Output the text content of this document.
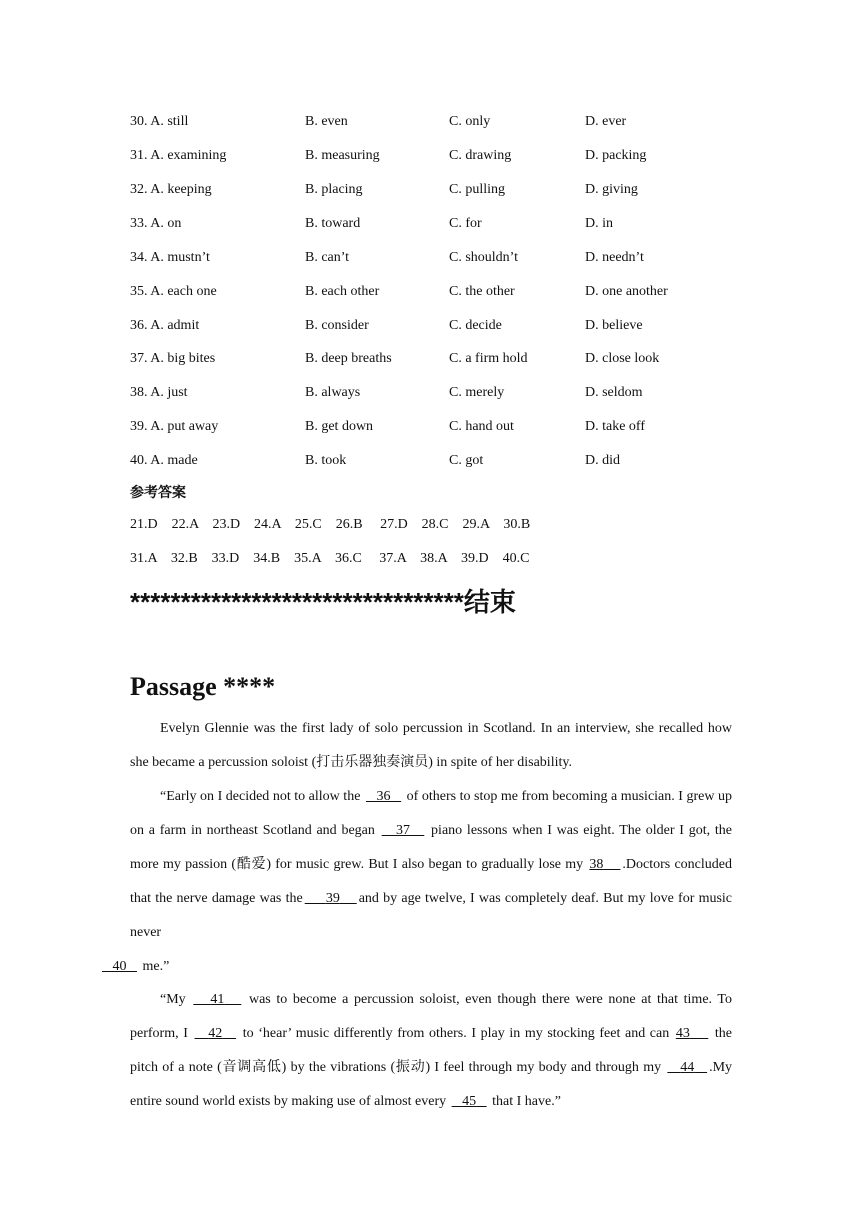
30. A. still	B. even	C. only	D. ever
31. A. examining	B. measuring	C. drawing	D. packing
32. A. keeping	B. placing	C. pulling	D. giving
33. A. on	B. toward	C. for	D. in
34. A. mustn’t	B. can’t	C. shouldn’t	D. needn’t
35. A. each one	B. each other	C. the other	D. one another
36. A. admit	B. consider	C. decide	D. believe
37. A. big bites	B. deep breaths	C. a firm hold	D. close look
38. A. just	B. always	C. merely	D. seldom
39. A. put away	B. get down	C. hand out	D. take off
40. A. made	B. took	C. got	D. did
参考答案
21.D    22.A    23.D    24.A    25.C    26.B     27.D    28.C    29.A    30.B
31.A    32.B    33.D    34.B    35.A    36.C     37.A    38.A    39.D    40.C
*********************************结束
Passage ****
Evelyn Glennie was the first lady of solo percussion in Scotland. In an interview, she recalled how she became a percussion soloist (打击乐器独奏演员) in spite of her disability.
“Early on I decided not to allow the    36    of others to stop me from becoming a musician. I grew up on a farm in northeast Scotland and began    37    piano lessons when I was eight. The older I got, the more my passion (酷爱) for music grew. But I also began to gradually lose my 38 .Doctors concluded that the nerve damage was the 39 and by age twelve, I was completely deaf. But my love for music never
40    me.”
“My    41    was to become a percussion soloist, even though there were none at that time. To perform, I    42    to ‘hear’ music differently from others. I play in my stocking feet and can 43     the pitch of a note (音调高低) by the vibrations (振动) I feel through my body and through my    44 .My entire sound world exists by making use of almost every    45    that I have.”
